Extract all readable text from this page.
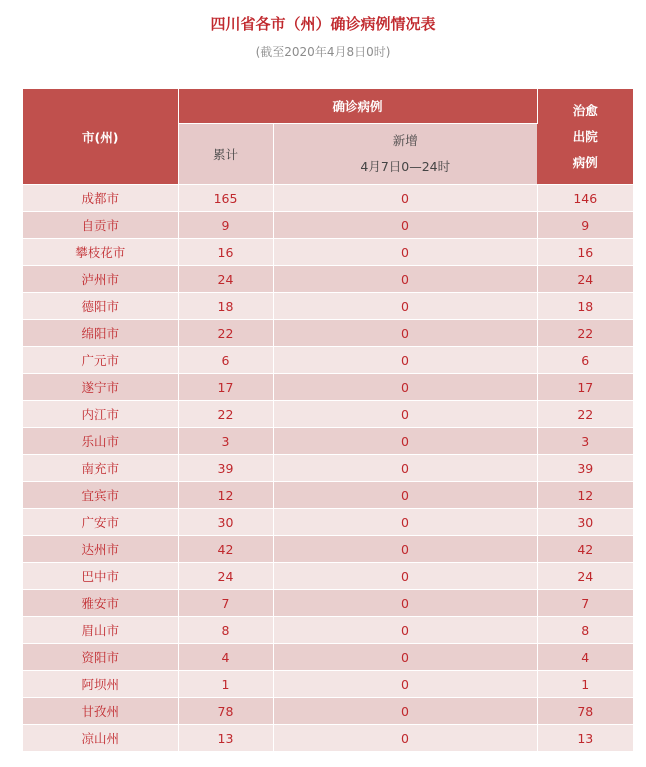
四川省各市（州）确诊病例情况表
(截至2020年4月8日0时)
市(州)	确诊病例		治愈
出院
病例
	累计	新增
4月7日0—24时	

成都市	165	0	146
自贡市	9	0	9
攀枝花市	16	0	16
泸州市	24	0	24
德阳市	18	0	18
绵阳市	22	0	22
广元市	6	0	6
遂宁市	17	0	17
内江市	22	0	22
乐山市	3	0	3
南充市	39	0	39
宜宾市	12	0	12
广安市	30	0	30
达州市	42	0	42
巴中市	24	0	24
雅安市	7	0	7
眉山市	8	0	8
资阳市	4	0	4
阿坝州	1	0	1
甘孜州	78	0	78
凉山州	13	0	13
